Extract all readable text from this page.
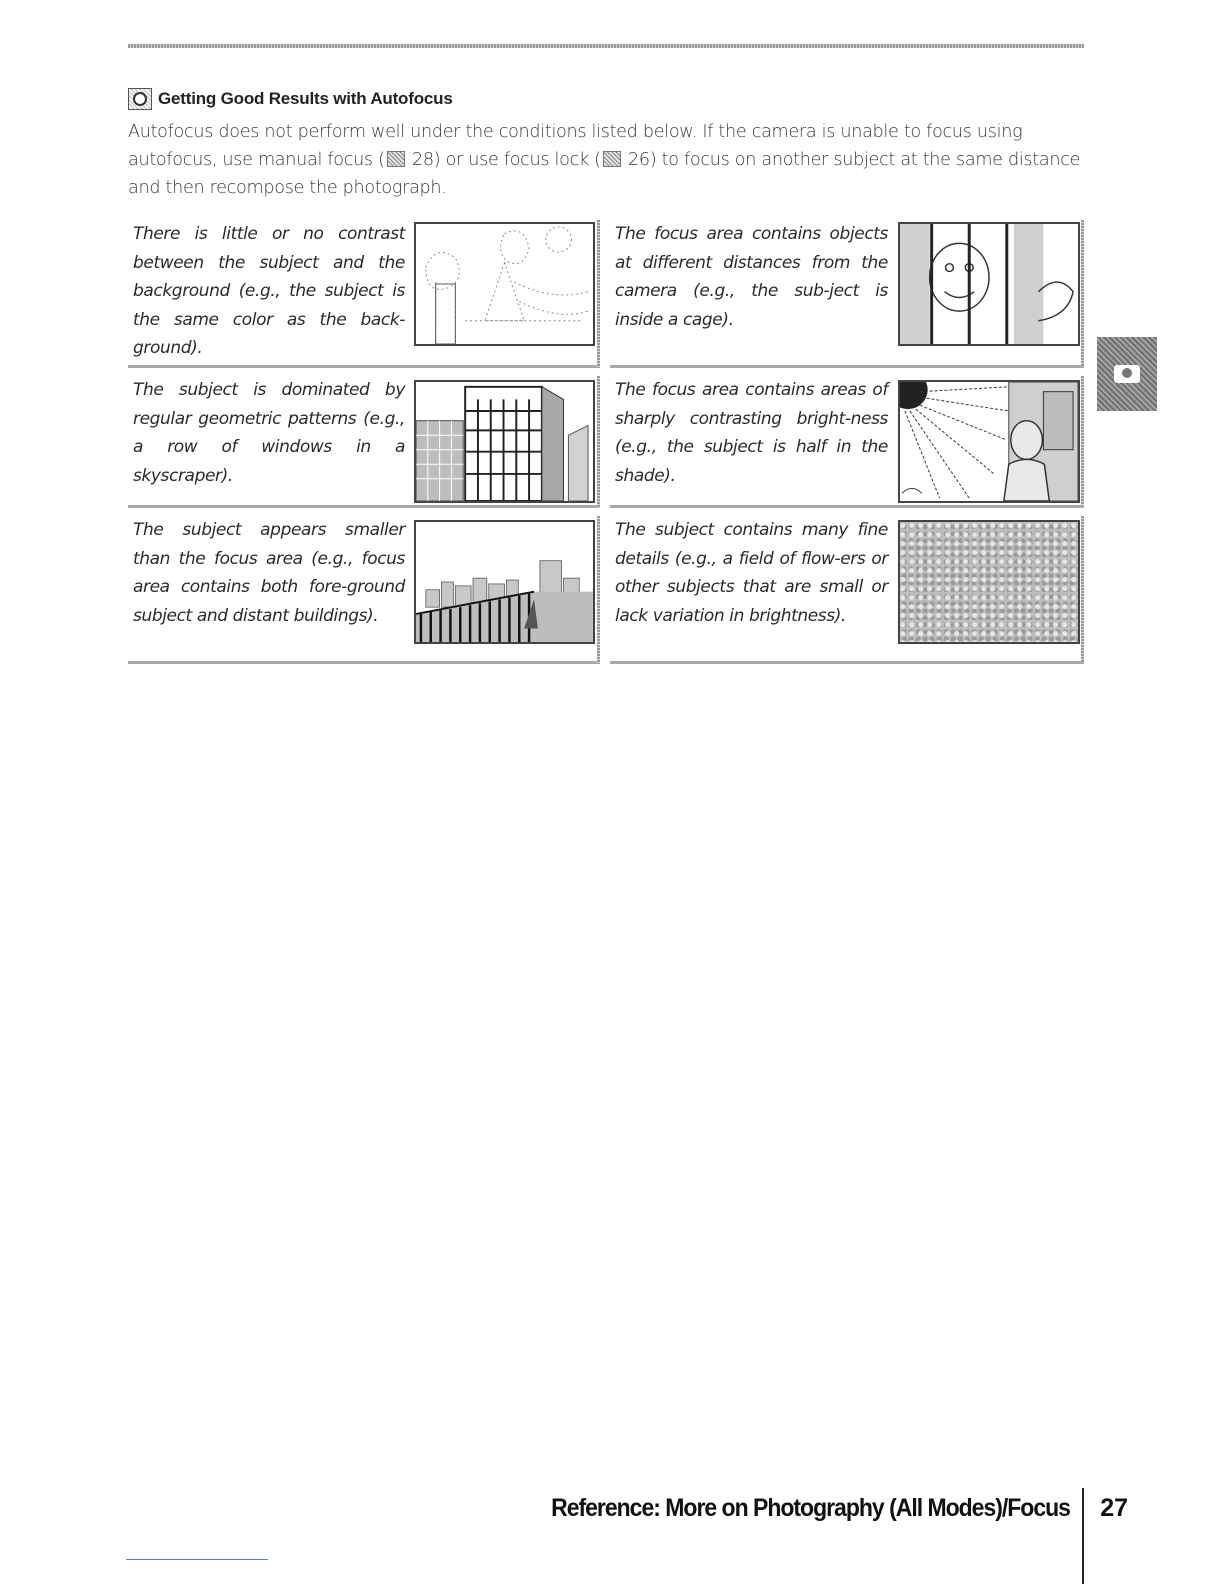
Getting Good Results with Autofocus
Autofocus does not perform well under the conditions listed below. If the camera is unable to focus using autofocus, use manual focus ( 28) or use focus lock ( 26) to focus on another subject at the same distance and then recompose the photograph.
There is little or no contrast between the subject and the background (e.g., the subject is the same color as the back-ground).
The focus area contains objects at different distances from the camera (e.g., the sub-ject is inside a cage).
The subject is dominated by regular geometric patterns (e.g., a row of windows in a skyscraper).
The focus area contains areas of sharply contrasting bright-ness (e.g., the subject is half in the shade).
The subject appears smaller than the focus area (e.g., focus area contains both fore-ground subject and distant buildings).
The subject contains many fine details (e.g., a field of flow-ers or other subjects that are small or lack variation in brightness).
Reference: More on Photography (All Modes)/Focus 27
